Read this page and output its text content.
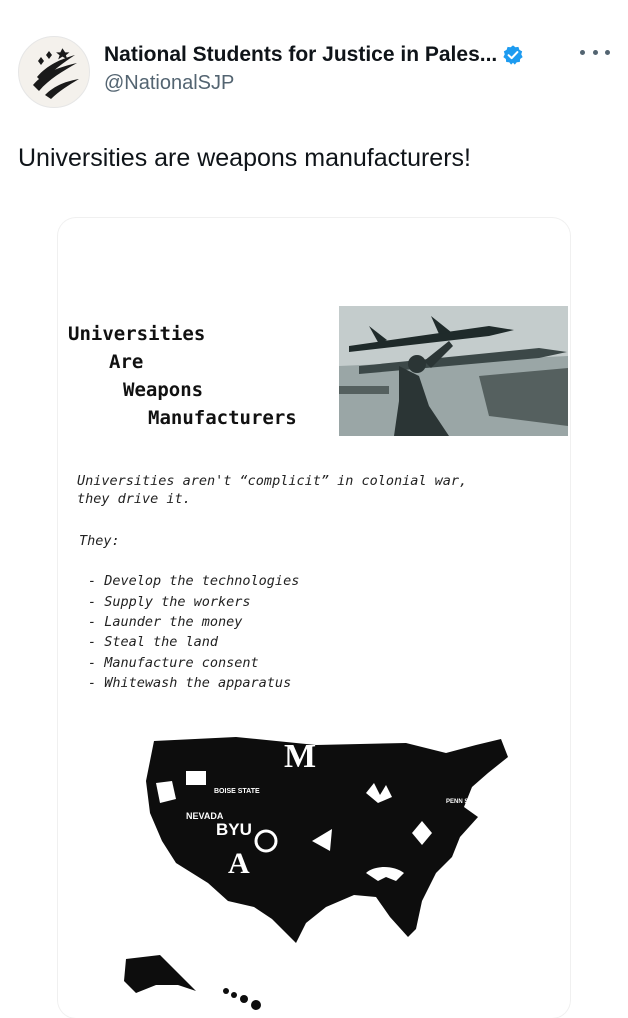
National Students for Justice in Pales...
@NationalSJP
Universities are weapons manufacturers!
Universities
Are
Weapons
Manufacturers
Universities aren't “complicit” in colonial war,
they drive it.
They:
- Develop the technologies
- Supply the workers
- Launder the money
- Steal the land
- Manufacture consent
- Whitewash the apparatus
M
BYU
NEVADA
BOISE STATE
A
PENN STATE
